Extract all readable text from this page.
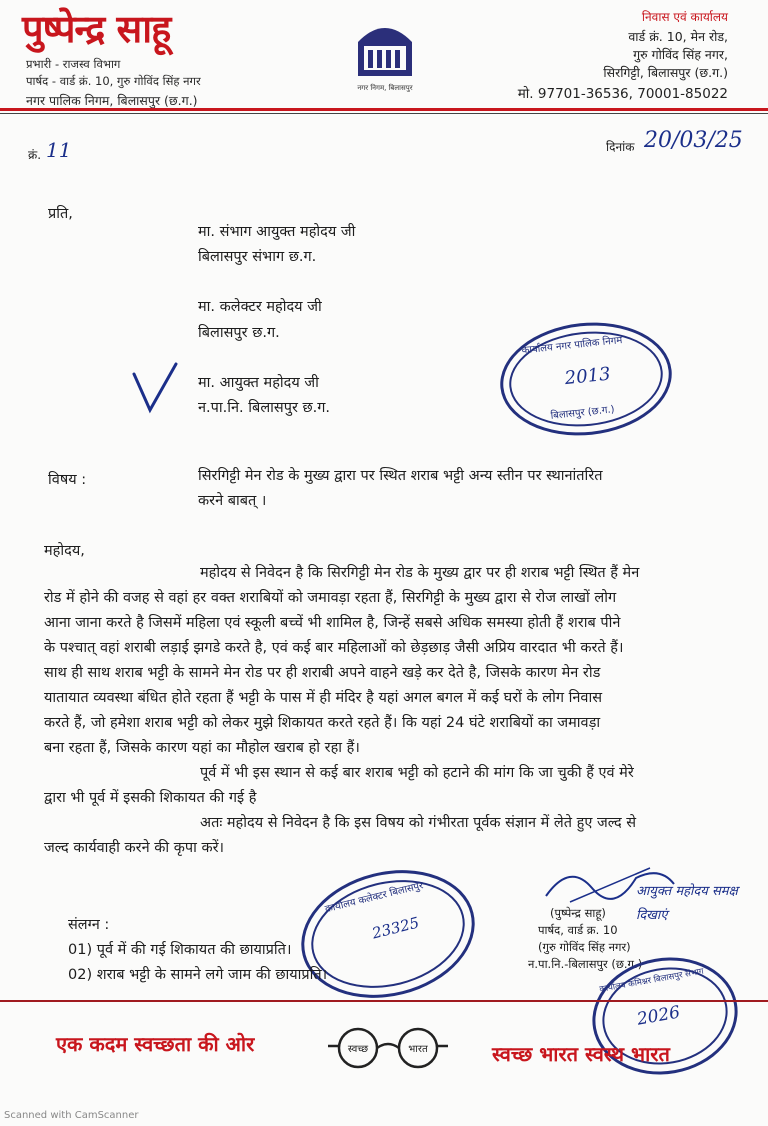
पुष्पेन्द्र साहू
प्रभारी - राजस्व विभाग
पार्षद - वार्ड क्रं. 10, गुरु गोविंद सिंह नगर
नगर पालिक निगम, बिलासपुर (छ.ग.)
नगर निगम, बिलासपुर
निवास एवं कार्यालय
वार्ड क्रं. 10, मेन रोड,
गुरु गोविंद सिंह नगर,
सिरगिट्टी, बिलासपुर (छ.ग.)
मो. 97701-36536, 70001-85022
क्रं. 11	दिनांक 20/03/25
प्रति,
मा. संभाग आयुक्त महोदय जी
बिलासपुर संभाग छ.ग.
मा. कलेक्टर महोदय जी
बिलासपुर छ.ग.
मा. आयुक्त महोदय जी
न.पा.नि. बिलासपुर छ.ग.
कार्यालय नगर पालिक निगम
2013
बिलासपुर (छ.ग.)
विषय :	सिरगिट्टी मेन रोड के मुख्य द्वारा पर स्थित शराब भट्टी अन्य स्तीन पर स्थानांतरित
करने बाबत् ।
महोदय,
महोदय से निवेदन है कि सिरगिट्टी मेन रोड के मुख्य द्वार पर ही शराब भट्टी स्थित हैं मेन
रोड में होने की वजह से वहां हर वक्त शराबियों को जमावड़ा रहता हैं, सिरगिट्टी के मुख्य द्वारा से रोज लाखों लोग
आना जाना करते है जिसमें महिला एवं स्कूली बच्चें भी शामिल है, जिन्हें सबसे अधिक समस्या होती हैं शराब पीने
के पश्चात् वहां शराबी लड़ाई झगडे करते है, एवं कई बार महिलाओं को छेड़छाड़ जैसी अप्रिय वारदात भी करते हैं।
साथ ही साथ शराब भट्टी के सामने मेन रोड पर ही शराबी अपने वाहने खड़े कर देते है, जिसके कारण मेन रोड
यातायात व्यवस्था बंधित होते रहता हैं भट्टी के पास में ही मंदिर है यहां अगल बगल में कई घरों के लोग निवास
करते हैं, जो हमेशा शराब भट्टी को लेकर मुझे शिकायत करते रहते हैं। कि यहां 24 घंटे शराबियों का जमावड़ा
बना रहता हैं, जिसके कारण यहां का मौहोल खराब हो रहा हैं।
पूर्व में भी इस स्थान से कई बार शराब भट्टी को हटाने की मांग कि जा चुकी हैं एवं मेरे
द्वारा भी पूर्व में इसकी शिकायत की गई है
अतः महोदय से निवेदन है कि इस विषय को गंभीरता पूर्वक संज्ञान में लेते हुए जल्द से
जल्द कार्यवाही करने की कृपा करें।
कार्यालय कलेक्टर बिलासपुर
23325
आयुक्त महोदय समक्ष दिखाएं
(पुष्पेन्द्र साहू)
पार्षद, वार्ड क्र. 10
(गुरु गोविंद सिंह नगर)
न.पा.नि.-बिलासपुर (छ.ग.)
संलग्न :
01) पूर्व में की गई शिकायत की छायाप्रति।
02) शराब भट्टी के सामने लगे जाम की छायाप्रति।	कार्यालय कमिश्नर बिलासपुर संभाग
2026
एक कदम स्वच्छता की ओर	स्वच्छ	भारत	स्वच्छ भारत स्वस्थ भारत
Scanned with CamScanner
